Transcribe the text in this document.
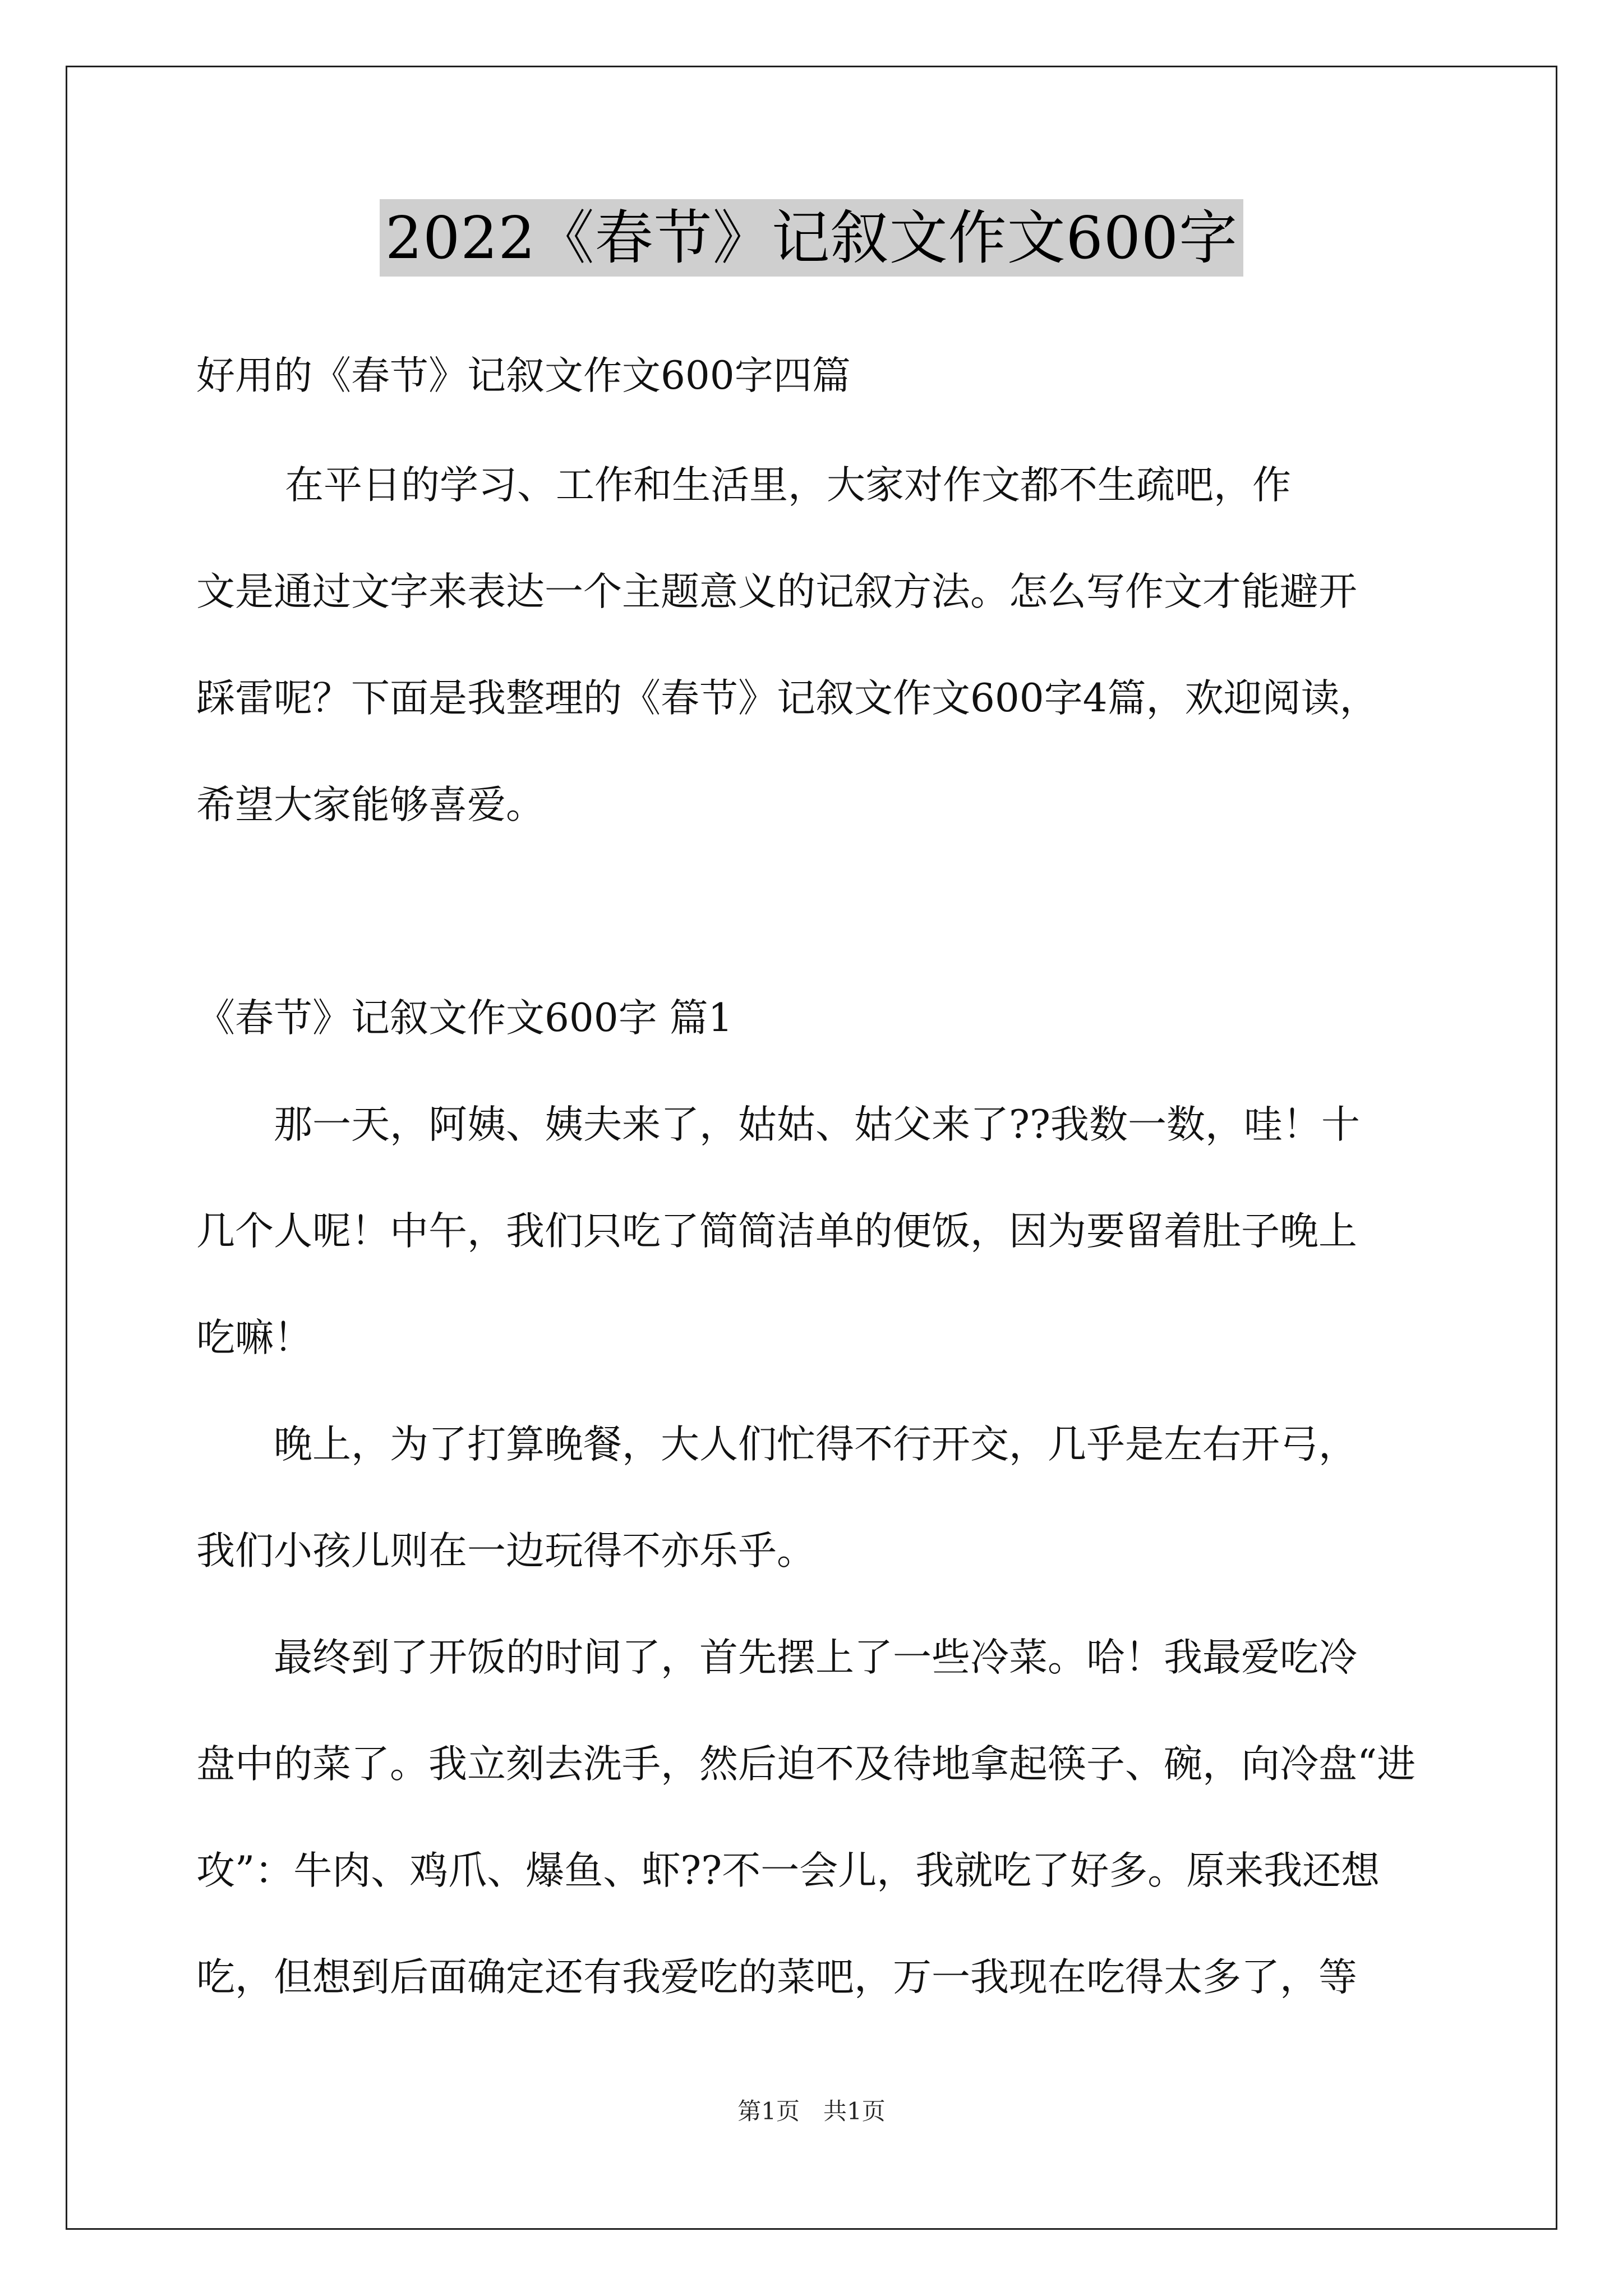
2022《春节》记叙文作文600字
好用的《春节》记叙文作文600字四篇
　　在平日的学习、工作和生活里，大家对作文都不生疏吧，作
文是通过文字来表达一个主题意义的记叙方法。怎么写作文才能避开
踩雷呢？下面是我整理的《春节》记叙文作文600字4篇，欢迎阅读，
希望大家能够喜爱。
《春节》记叙文作文600字 篇1
　　那一天，阿姨、姨夫来了，姑姑、姑父来了??我数一数，哇！十
几个人呢！中午，我们只吃了简简洁单的便饭，因为要留着肚子晚上
吃嘛！
　　晚上，为了打算晚餐，大人们忙得不行开交，几乎是左右开弓，
我们小孩儿则在一边玩得不亦乐乎。
　　最终到了开饭的时间了，首先摆上了一些冷菜。哈！我最爱吃冷
盘中的菜了。我立刻去洗手，然后迫不及待地拿起筷子、碗，向冷盘“进
攻”：牛肉、鸡爪、爆鱼、虾??不一会儿，我就吃了好多。原来我还想
吃，但想到后面确定还有我爱吃的菜吧，万一我现在吃得太多了，等
第1页　共1页
